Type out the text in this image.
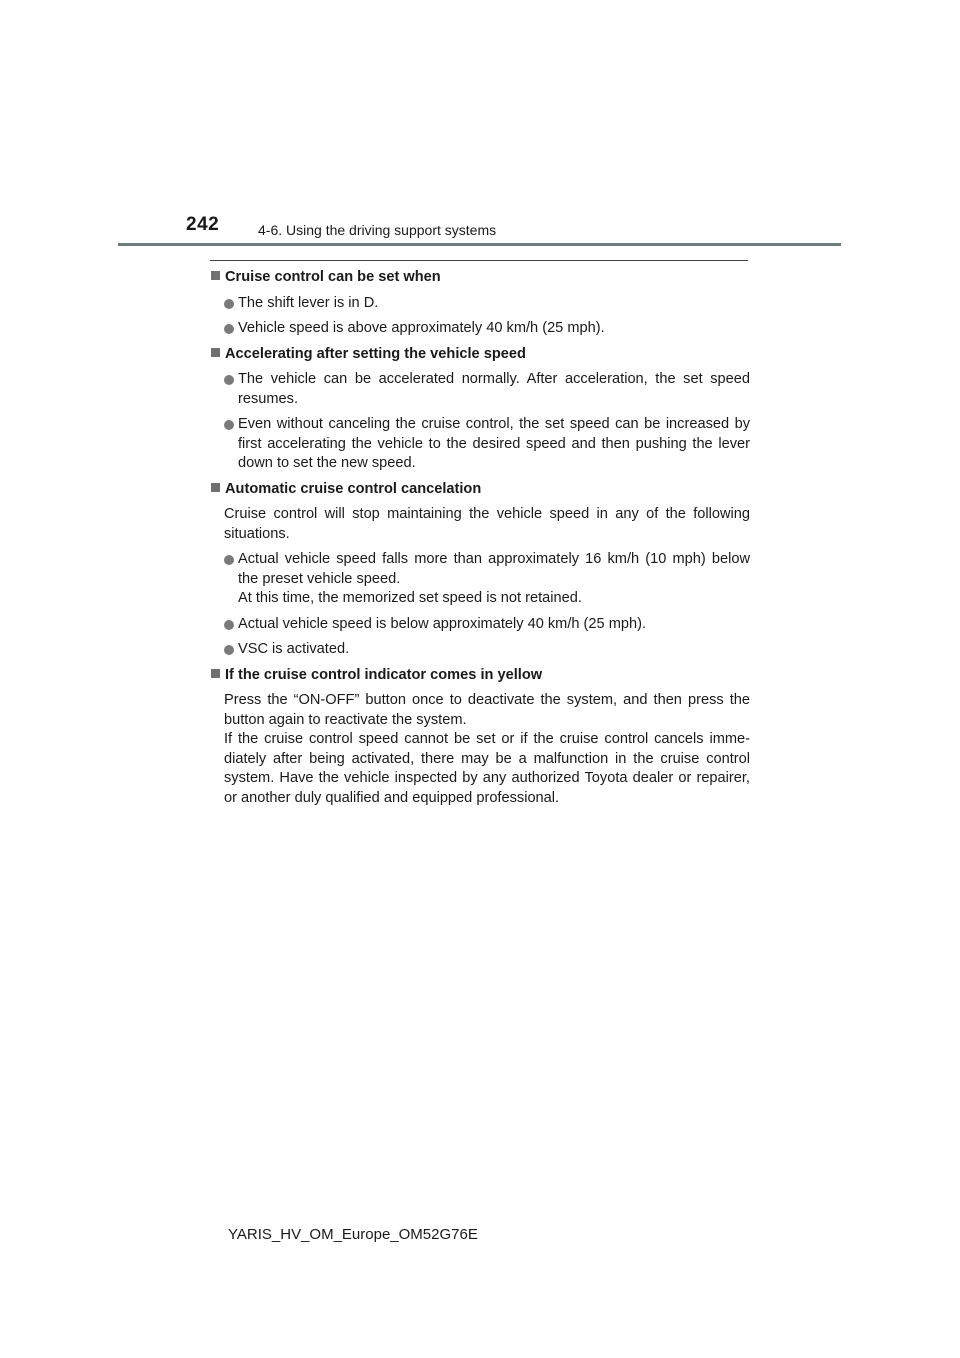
242	4-6. Using the driving support systems
Cruise control can be set when
The shift lever is in D.
Vehicle speed is above approximately 40 km/h (25 mph).
Accelerating after setting the vehicle speed
The vehicle can be accelerated normally. After acceleration, the set speed resumes.
Even without canceling the cruise control, the set speed can be increased by first accelerating the vehicle to the desired speed and then pushing the lever down to set the new speed.
Automatic cruise control cancelation
Cruise control will stop maintaining the vehicle speed in any of the following situations.
Actual vehicle speed falls more than approximately 16 km/h (10 mph) below the preset vehicle speed.
At this time, the memorized set speed is not retained.
Actual vehicle speed is below approximately 40 km/h (25 mph).
VSC is activated.
If the cruise control indicator comes in yellow
Press the “ON-OFF” button once to deactivate the system, and then press the button again to reactivate the system.
If the cruise control speed cannot be set or if the cruise control cancels imme-diately after being activated, there may be a malfunction in the cruise control system. Have the vehicle inspected by any authorized Toyota dealer or repairer, or another duly qualified and equipped professional.
YARIS_HV_OM_Europe_OM52G76E
